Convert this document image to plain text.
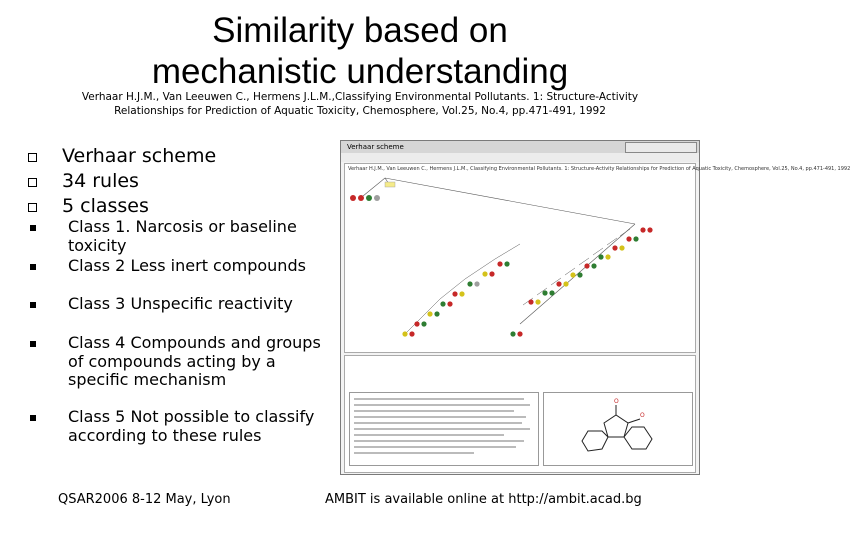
Similarity based on
mechanistic understanding
Verhaar H.J.M., Van Leeuwen C., Hermens J.L.M.,Classifying Environmental Pollutants. 1: Structure-Activity
Relationships for Prediction of Aquatic Toxicity, Chemosphere, Vol.25, No.4, pp.471-491, 1992
Verhaar scheme
34 rules
5 classes
Class 1. Narcosis or baseline toxicity
Class 2 Less inert compounds
Class 3 Unspecific reactivity
Class 4 Compounds and groups of compounds acting by a specific mechanism
Class 5 Not possible to classify according to these rules
Verhaar scheme
Verhaar H.J.M., Van Leeuwen C., Hermens J.L.M., Classifying Environmental Pollutants. 1: Structure-Activity Relationships for Prediction of Aquatic Toxicity, Chemosphere, Vol.25, No.4, pp.471-491, 1992
O
O
QSAR2006 8-12 May, Lyon	AMBIT is available online at http://ambit.acad.bg
